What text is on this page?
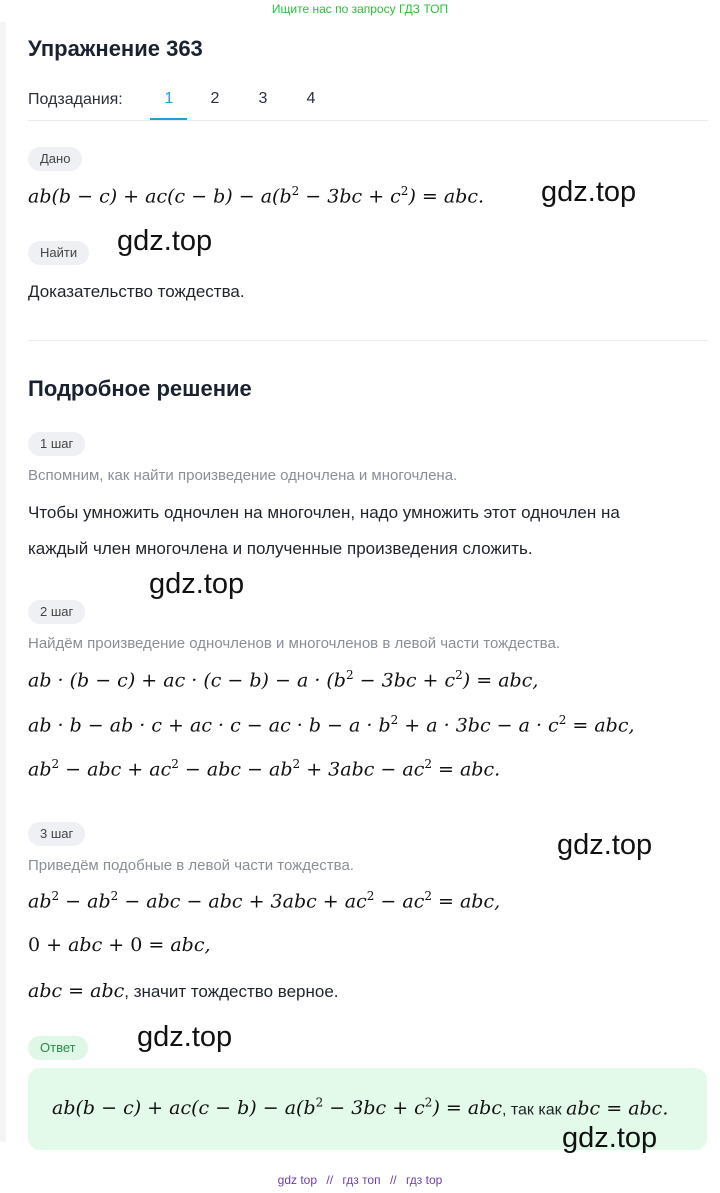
Ищите нас по запросу ГДЗ ТОП
Упражнение 363
Подзадания:	1	2	3	4
Дано
$ab(b - c) + ac(c - b) - a(b^2 - 3bc + c^2)$ = abc. gdz.top
Найти	gdz.top
Доказательство тождества.
Подробное решение
1 шаг
Вспомним, как найти произведение одночлена и многочлена.
Чтобы умножить одночлен на многочлен, надо умножить этот одночлен на
каждый член многочлена и полученные произведения сложить.
gdz.top
2 шаг
Найдём произведение одночленов и многочленов в левой части тождества.
ab · (b − c) + ac · $(c - b) - a \cdot (b^2 - 3bc + c^2)$ = abc,
ab · b − ab · c + ac · c − ac · $b - a \cdot b^2 + a \cdot 3bc - a \cdot c^2$ = abc,
$ab^2$ − abc + $ac^2$ − abc − $ab^2 + 3abc - ac^2$ = abc.
3 шаг	gdz.top
Приведём подобные в левой части тождества.
$ab^2 - ab^2$ − abc − abc + $3abc + ac^2 - ac^2$ = abc,
0 + abc + 0 = abc,
abc = abc, значит тождество верное.
Ответ	gdz.top
$ab(b - c) + ac(c - b) - a(b^2 - 3bc + c^2)$ = abc, так как abc = abc.
gdz.top
gdz top // гдз топ // гдз top
